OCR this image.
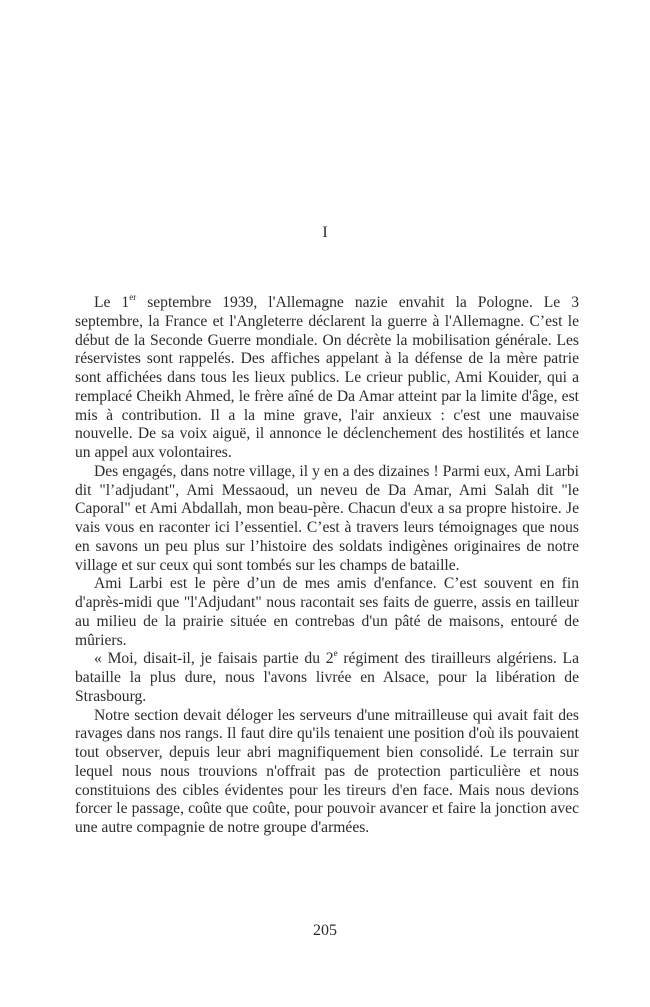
I

Le 1er septembre 1939, l'Allemagne nazie envahit la Pologne. Le 3 septembre, la France et l'Angleterre déclarent la guerre à l'Allemagne. C’est le début de la Seconde Guerre mondiale. On décrète la mobilisation générale. Les réservistes sont rappelés. Des affiches appelant à la défense de la mère patrie sont affichées dans tous les lieux publics. Le crieur public, Ami Kouider, qui a remplacé Cheikh Ahmed, le frère aîné de Da Amar atteint par la limite d'âge, est mis à contribution. Il a la mine grave, l'air anxieux : c'est une mauvaise nouvelle. De sa voix aiguë, il annonce le déclenchement des hostilités et lance un appel aux volontaires.

Des engagés, dans notre village, il y en a des dizaines ! Parmi eux, Ami Larbi dit "l’adjudant", Ami Messaoud, un neveu de Da Amar, Ami Salah dit "le Caporal" et Ami Abdallah, mon beau-père. Chacun d'eux a sa propre histoire. Je vais vous en raconter ici l’essentiel. C’est à travers leurs témoignages que nous en savons un peu plus sur l’histoire des soldats indigènes originaires de notre village et sur ceux qui sont tombés sur les champs de bataille.

Ami Larbi est le père d’un de mes amis d'enfance. C’est souvent en fin d'après-midi que "l'Adjudant" nous racontait ses faits de guerre, assis en tailleur au milieu de la prairie située en contrebas d'un pâté de maisons, entouré de mûriers.

« Moi, disait-il, je faisais partie du 2e régiment des tirailleurs algériens. La bataille la plus dure, nous l'avons livrée en Alsace, pour la libération de Strasbourg.

Notre section devait déloger les serveurs d'une mitrailleuse qui avait fait des ravages dans nos rangs. Il faut dire qu'ils tenaient une position d'où ils pouvaient tout observer, depuis leur abri magnifiquement bien consolidé. Le terrain sur lequel nous nous trouvions n'offrait pas de protection particulière et nous constituions des cibles évidentes pour les tireurs d'en face. Mais nous devions forcer le passage, coûte que coûte, pour pouvoir avancer et faire la jonction avec une autre compagnie de notre groupe d'armées.

205
